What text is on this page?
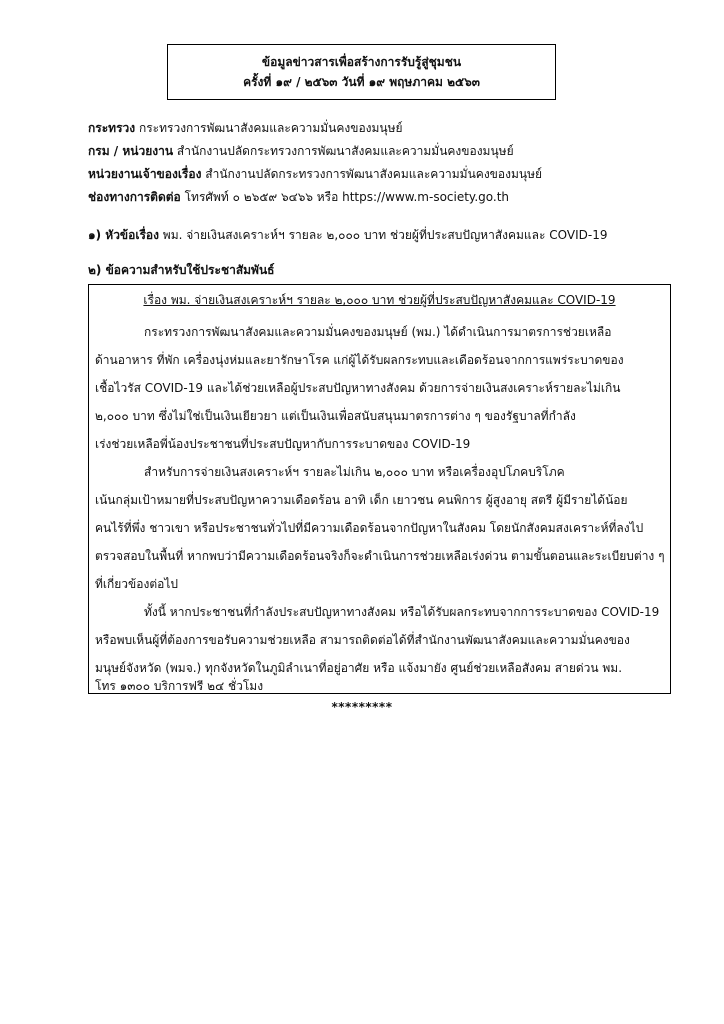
ข้อมูลข่าวสารเพื่อสร้างการรับรู้สู่ชุมชน
ครั้งที่ ๑๙ / ๒๕๖๓ วันที่ ๑๙ พฤษภาคม ๒๕๖๓
กระทรวง กระทรวงการพัฒนาสังคมและความมั่นคงของมนุษย์
กรม / หน่วยงาน สำนักงานปลัดกระทรวงการพัฒนาสังคมและความมั่นคงของมนุษย์
หน่วยงานเจ้าของเรื่อง สำนักงานปลัดกระทรวงการพัฒนาสังคมและความมั่นคงของมนุษย์
ช่องทางการติดต่อ โทรศัพท์ ๐ ๒๖๕๙ ๖๔๖๖ หรือ https://www.m-society.go.th
๑) หัวข้อเรื่อง พม. จ่ายเงินสงเคราะห์ฯ รายละ ๒,๐๐๐ บาท ช่วยผู้ที่ประสบปัญหาสังคมและ COVID-19
๒) ข้อความสำหรับใช้ประชาสัมพันธ์
เรื่อง พม. จ่ายเงินสงเคราะห์ฯ รายละ ๒,๐๐๐ บาท ช่วยผู้ที่ประสบปัญหาสังคมและ COVID-19
กระทรวงการพัฒนาสังคมและความมั่นคงของมนุษย์ (พม.) ได้ดำเนินการมาตรการช่วยเหลือ
ด้านอาหาร ที่พัก เครื่องนุ่งห่มและยารักษาโรค แก่ผู้ได้รับผลกระทบและเดือดร้อนจากการแพร่ระบาดของ
เชื้อไวรัส COVID-19 และได้ช่วยเหลือผู้ประสบปัญหาทางสังคม ด้วยการจ่ายเงินสงเคราะห์รายละไม่เกิน
๒,๐๐๐ บาท ซึ่งไม่ใช่เป็นเงินเยียวยา แต่เป็นเงินเพื่อสนับสนุนมาตรการต่าง ๆ ของรัฐบาลที่กำลัง
เร่งช่วยเหลือพี่น้องประชาชนที่ประสบปัญหากับการระบาดของ COVID-19
สำหรับการจ่ายเงินสงเคราะห์ฯ รายละไม่เกิน ๒,๐๐๐ บาท หรือเครื่องอุปโภคบริโภค
เน้นกลุ่มเป้าหมายที่ประสบปัญหาความเดือดร้อน อาทิ เด็ก เยาวชน คนพิการ ผู้สูงอายุ สตรี ผู้มีรายได้น้อย
คนไร้ที่พึ่ง ชาวเขา หรือประชาชนทั่วไปที่มีความเดือดร้อนจากปัญหาในสังคม โดยนักสังคมสงเคราะห์ที่ลงไป
ตรวจสอบในพื้นที่ หากพบว่ามีความเดือดร้อนจริงก็จะดำเนินการช่วยเหลือเร่งด่วน ตามขั้นตอนและระเบียบต่าง ๆ
ที่เกี่ยวข้องต่อไป
ทั้งนี้ หากประชาชนที่กำลังประสบปัญหาทางสังคม หรือได้รับผลกระทบจากการระบาดของ COVID-19
หรือพบเห็นผู้ที่ต้องการขอรับความช่วยเหลือ สามารถติดต่อได้ที่สำนักงานพัฒนาสังคมและความมั่นคงของ
มนุษย์จังหวัด (พมจ.) ทุกจังหวัดในภูมิลำเนาที่อยู่อาศัย หรือ แจ้งมายัง ศูนย์ช่วยเหลือสังคม สายด่วน พม.
โทร ๑๓๐๐ บริการฟรี ๒๔ ชั่วโมง
*********
